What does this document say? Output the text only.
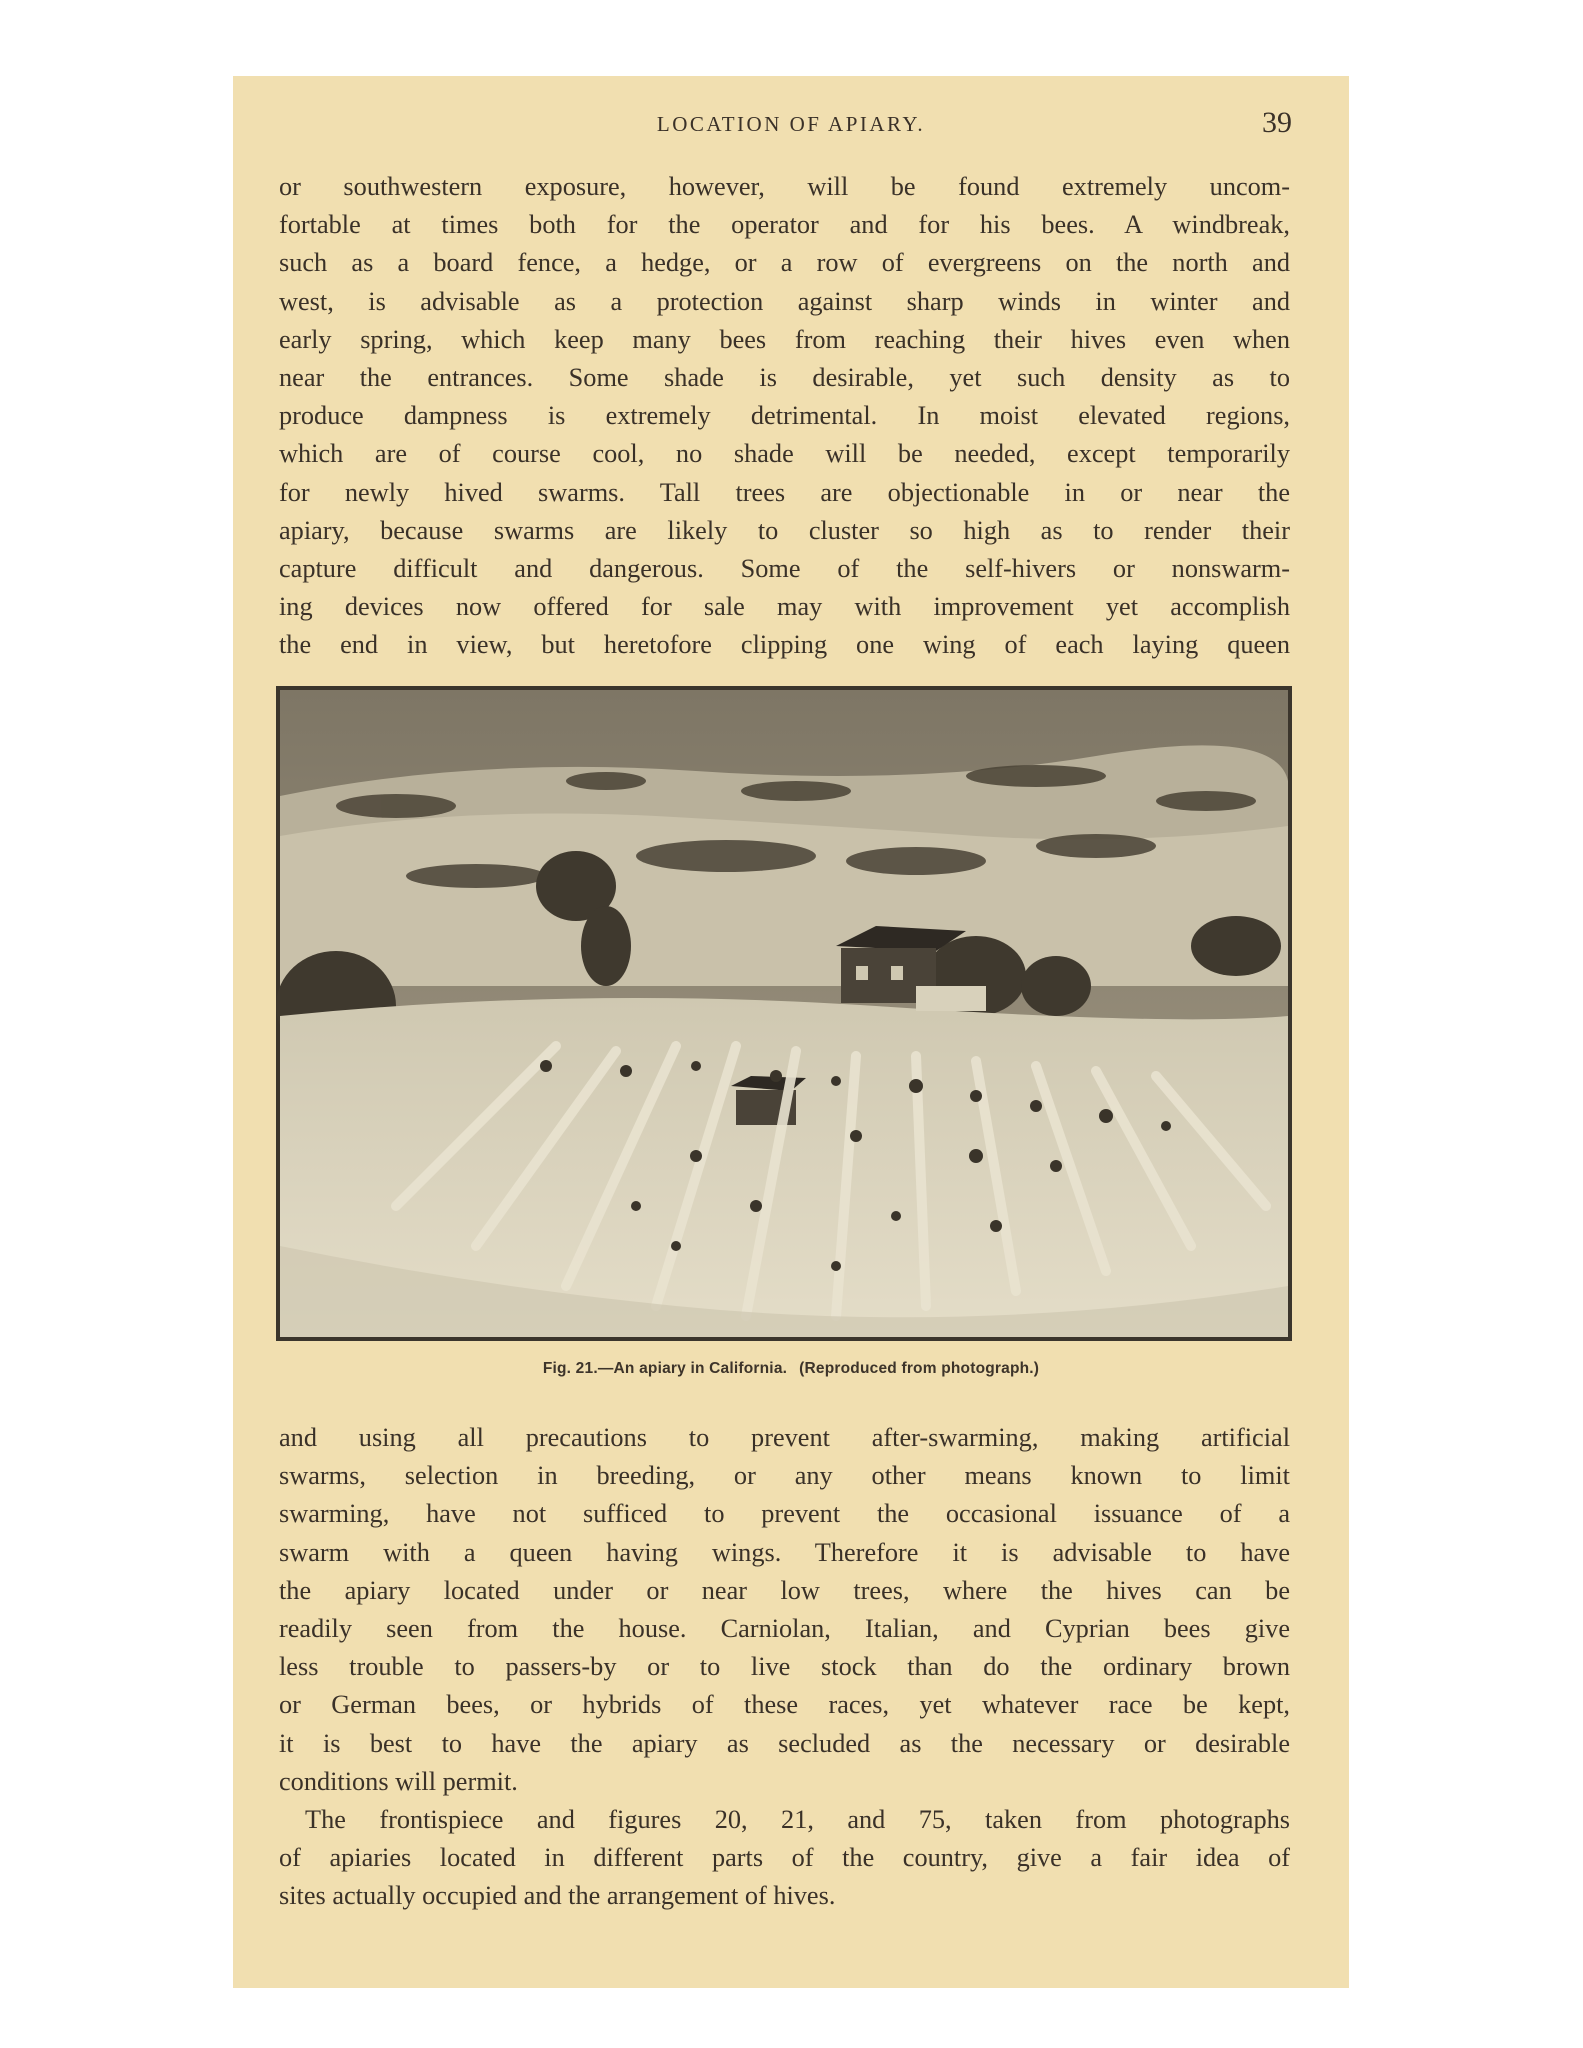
LOCATION OF APIARY.	39

or southwestern exposure, however, will be found extremely uncom-

fortable at times both for the operator and for his bees. A windbreak,

such as a board fence, a hedge, or a row of evergreens on the north and

west, is advisable as a protection against sharp winds in winter and

early spring, which keep many bees from reaching their hives even when

near the entrances. Some shade is desirable, yet such density as to

produce dampness is extremely detrimental. In moist elevated regions,

which are of course cool, no shade will be needed, except temporarily

for newly hived swarms. Tall trees are objectionable in or near the

apiary, because swarms are likely to cluster so high as to render their

capture difficult and dangerous. Some of the self-hivers or nonswarm-

ing devices now offered for sale may with improvement yet accomplish

the end in view, but heretofore clipping one wing of each laying queen

Fig. 21.—An apiary in California. (Reproduced from photograph.)

and using all precautions to prevent after-swarming, making artificial

swarms, selection in breeding, or any other means known to limit

swarming, have not sufficed to prevent the occasional issuance of a

swarm with a queen having wings. Therefore it is advisable to have

the apiary located under or near low trees, where the hives can be

readily seen from the house. Carniolan, Italian, and Cyprian bees give

less trouble to passers-by or to live stock than do the ordinary brown

or German bees, or hybrids of these races, yet whatever race be kept,

it is best to have the apiary as secluded as the necessary or desirable

conditions will permit.

The frontispiece and figures 20, 21, and 75, taken from photographs

of apiaries located in different parts of the country, give a fair idea of

sites actually occupied and the arrangement of hives.
